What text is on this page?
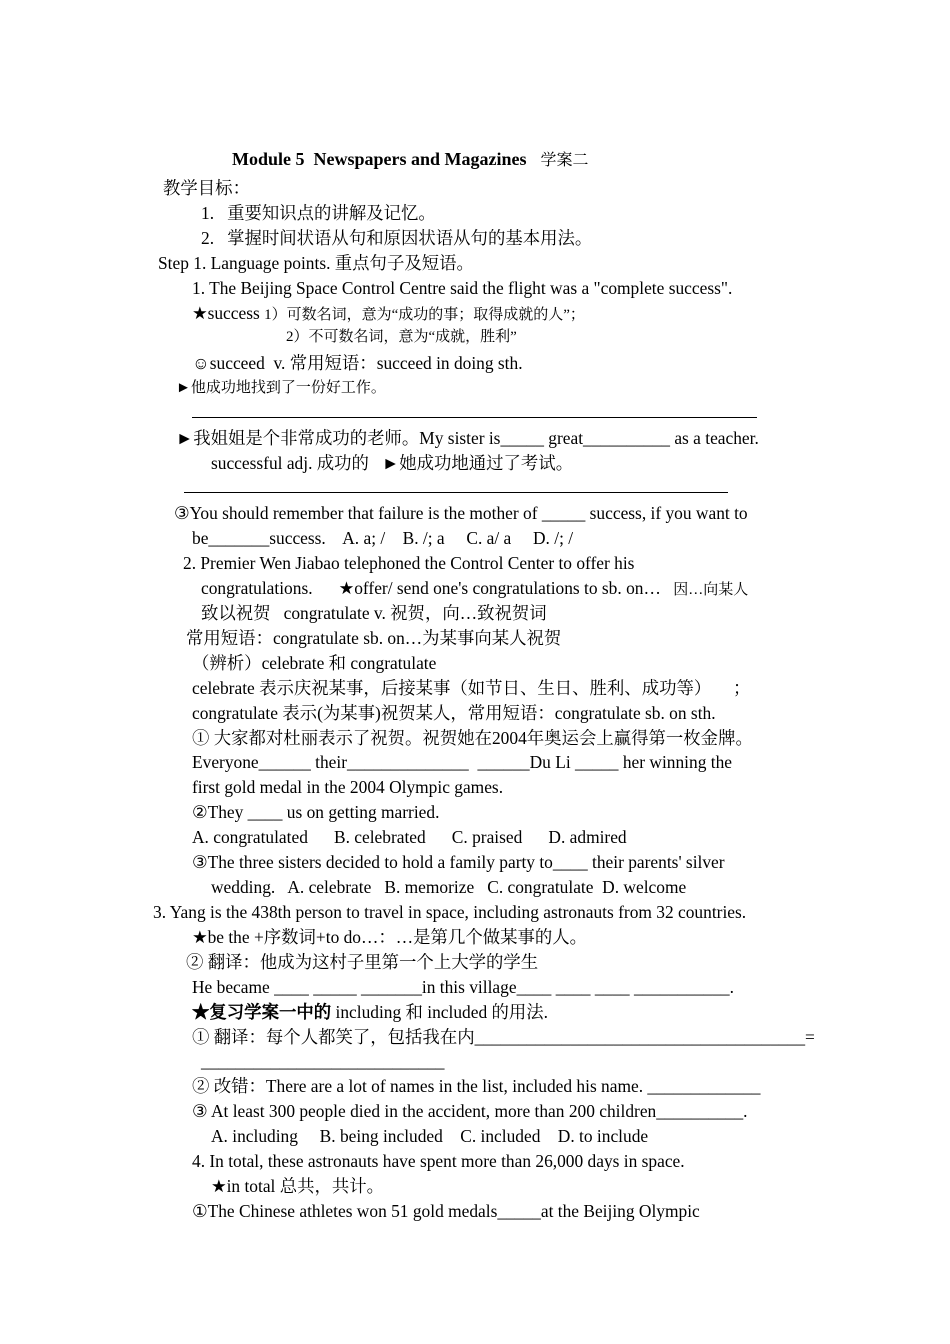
Module 5  Newspapers and Magazines 学案二

教学目标：
1.   重要知识点的讲解及记忆。
2.   掌握时间状语从句和原因状语从句的基本用法。
Step 1. Language points. 重点句子及短语。
1. The Beijing Space Control Centre said the flight was a "complete success".
★success 1）可数名词，意为“成功的事；取得成就的人”；
2）不可数名词，意为“成就，胜利”
☺succeed  v. 常用短语：succeed in doing sth.
►他成功地找到了一份好工作。
►我姐姐是个非常成功的老师。My sister is_____ great__________ as a teacher.
successful adj. 成功的   ►她成功地通过了考试。
③You should remember that failure is the mother of _____ success, if you want to
be_______success.    A. a; /    B. /; a     C. a/ a     D. /; /
2. Premier Wen Jiabao telephoned the Control Center to offer his
congratulations.      ★offer/ send one's congratulations to sb. on…   因…向某人
致以祝贺   congratulate v. 祝贺，向…致祝贺词
常用短语：congratulate sb. on…为某事向某人祝贺
（辨析）celebrate 和 congratulate
celebrate 表示庆祝某事，后接某事（如节日、生日、胜利、成功等）     ；
congratulate 表示(为某事)祝贺某人，常用短语：congratulate sb. on sth.
① 大家都对杜丽表示了祝贺。祝贺她在2004年奥运会上赢得第一枚金牌。
Everyone______ their______________  ______Du Li _____ her winning the
first gold medal in the 2004 Olympic games.
②They ____ us on getting married.
A. congratulated      B. celebrated      C. praised      D. admired
③The three sisters decided to hold a family party to____ their parents' silver
wedding.   A. celebrate   B. memorize   C. congratulate  D. welcome
3. Yang is the 438th person to travel in space, including astronauts from 32 countries.
★be the +序数词+to do…：…是第几个做某事的人。
② 翻译：他成为这村子里第一个上大学的学生
He became ____ _____ _______in this village____ ____ ____ ___________.
★复习学案一中的 including 和 included 的用法.
① 翻译：每个人都笑了，包括我在内______________________________________=
____________________________
② 改错：There are a lot of names in the list, included his name. _____________
③ At least 300 people died in the accident, more than 200 children__________.
A. including     B. being included    C. included    D. to include
4. In total, these astronauts have spent more than 26,000 days in space.
★in total 总共，共计。
①The Chinese athletes won 51 gold medals_____at the Beijing Olympic
